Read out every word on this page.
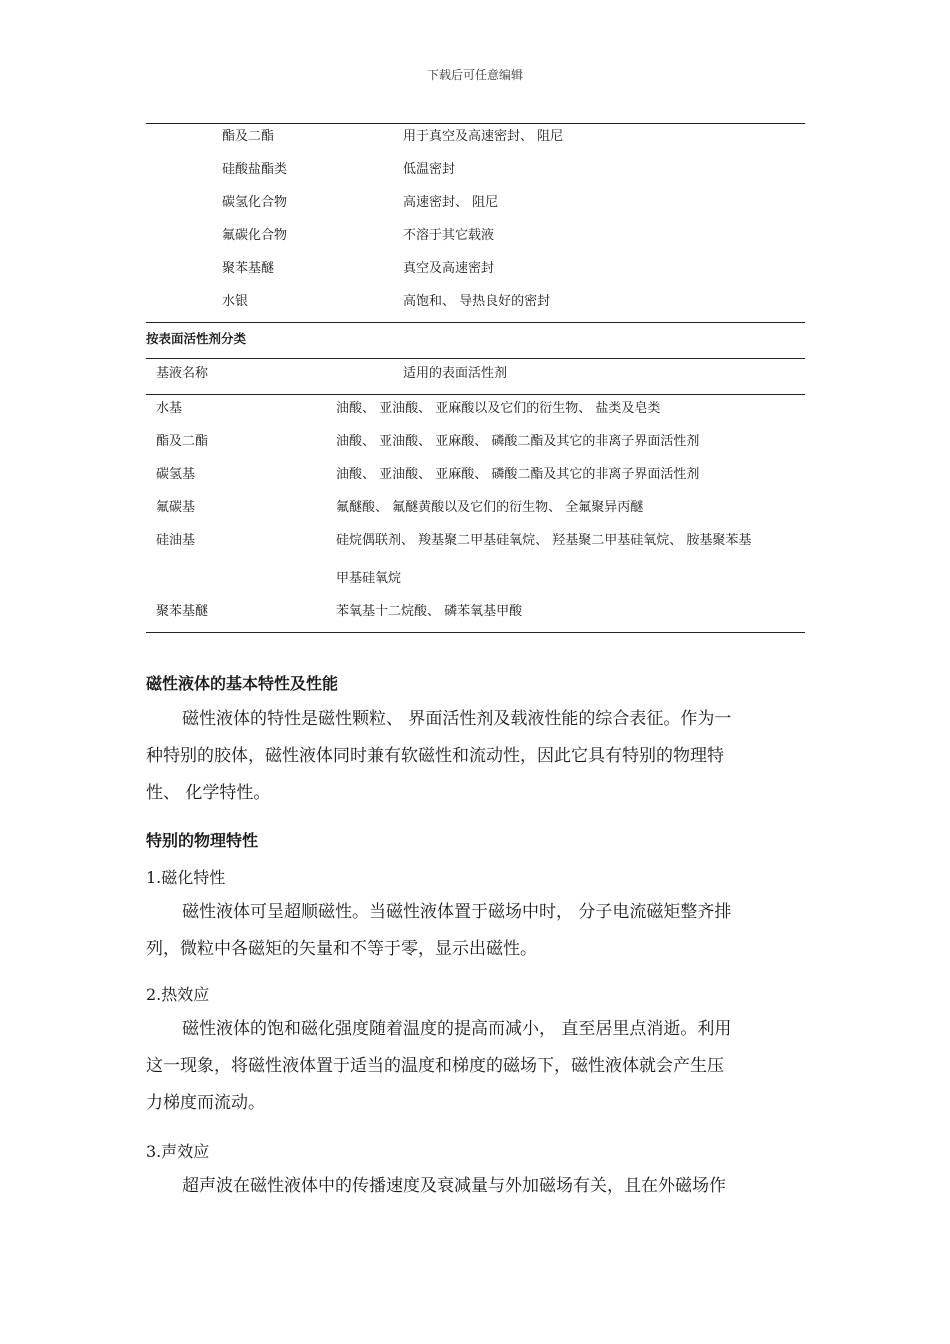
下载后可任意编辑
酯及二酯	用于真空及高速密封、 阻尼
硅酸盐酯类	低温密封
碳氢化合物	高速密封、 阻尼
氟碳化合物	不溶于其它载液
聚苯基醚	真空及高速密封
水银	高饱和、 导热良好的密封
按表面活性剂分类
基液名称	适用的表面活性剂
水基	油酸、 亚油酸、 亚麻酸以及它们的衍生物、 盐类及皂类
酯及二酯	油酸、 亚油酸、 亚麻酸、 磷酸二酯及其它的非离子界面活性剂
碳氢基	油酸、 亚油酸、 亚麻酸、 磷酸二酯及其它的非离子界面活性剂
氟碳基	氟醚酸、 氟醚黄酸以及它们的衍生物、 全氟聚异丙醚
硅油基	硅烷偶联剂、 羧基聚二甲基硅氧烷、 羟基聚二甲基硅氧烷、 胺基聚苯基
甲基硅氧烷
聚苯基醚	苯氧基十二烷酸、 磷苯氧基甲酸
磁性液体的基本特性及性能
磁性液体的特性是磁性颗粒、 界面活性剂及载液性能的综合表征。作为一
种特别的胶体，磁性液体同时兼有软磁性和流动性，因此它具有特别的物理特
性、 化学特性。
特别的物理特性
1.磁化特性
磁性液体可呈超顺磁性。当磁性液体置于磁场中时， 分子电流磁矩整齐排
列，微粒中各磁矩的矢量和不等于零，显示出磁性。
2.热效应
磁性液体的饱和磁化强度随着温度的提高而减小， 直至居里点消逝。利用
这一现象，将磁性液体置于适当的温度和梯度的磁场下，磁性液体就会产生压
力梯度而流动。
3.声效应
超声波在磁性液体中的传播速度及衰减量与外加磁场有关，且在外磁场作
